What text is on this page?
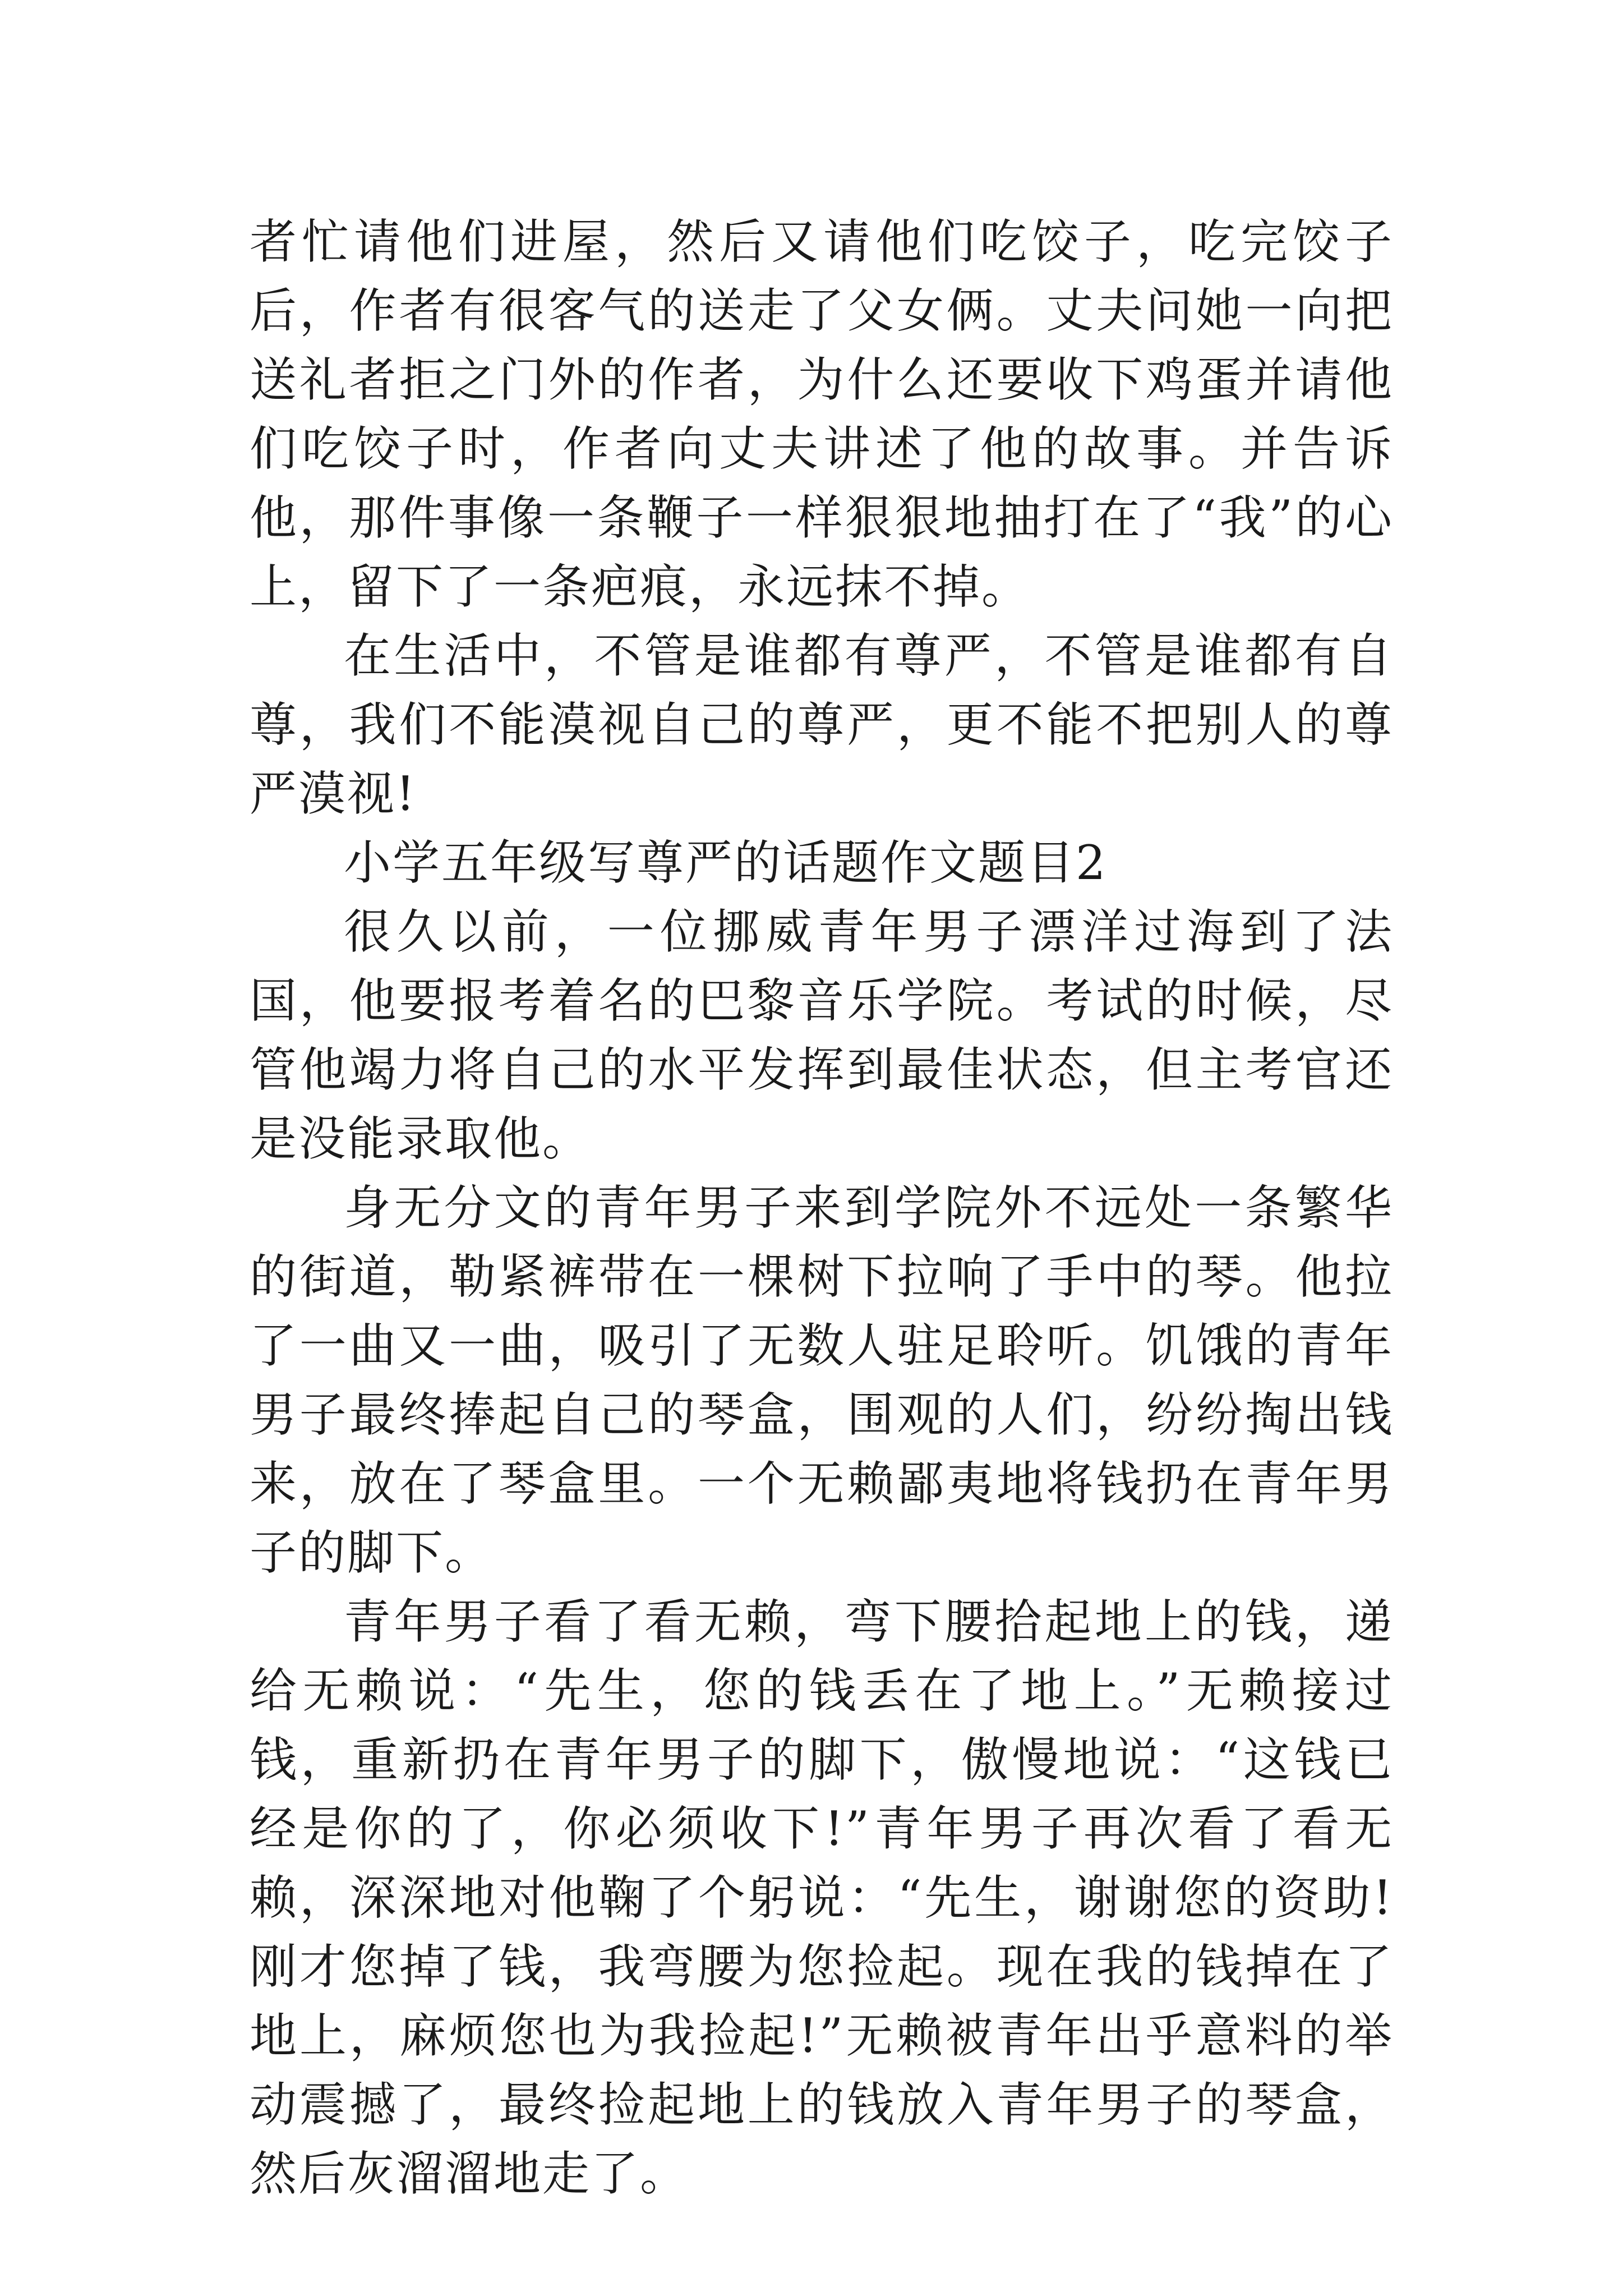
者忙请他们进屋，然后又请他们吃饺子，吃完饺子后，作者有很客气的送走了父女俩。丈夫问她一向把送礼者拒之门外的作者，为什么还要收下鸡蛋并请他们吃饺子时，作者向丈夫讲述了他的故事。并告诉他，那件事像一条鞭子一样狠狠地抽打在了“我”的心上，留下了一条疤痕，永远抹不掉。

在生活中，不管是谁都有尊严，不管是谁都有自尊，我们不能漠视自己的尊严，更不能不把别人的尊严漠视!

小学五年级写尊严的话题作文题目2

很久以前，一位挪威青年男子漂洋过海到了法国，他要报考着名的巴黎音乐学院。考试的时候，尽管他竭力将自己的水平发挥到最佳状态，但主考官还是没能录取他。

身无分文的青年男子来到学院外不远处一条繁华的街道，勒紧裤带在一棵树下拉响了手中的琴。他拉了一曲又一曲，吸引了无数人驻足聆听。饥饿的青年男子最终捧起自己的琴盒，围观的人们，纷纷掏出钱来，放在了琴盒里。一个无赖鄙夷地将钱扔在青年男子的脚下。

青年男子看了看无赖，弯下腰拾起地上的钱，递给无赖说：“先生，您的钱丢在了地上。”无赖接过钱，重新扔在青年男子的脚下，傲慢地说：“这钱已经是你的了，你必须收下!”青年男子再次看了看无赖，深深地对他鞠了个躬说：“先生，谢谢您的资助!刚才您掉了钱，我弯腰为您捡起。现在我的钱掉在了地上，麻烦您也为我捡起!”无赖被青年出乎意料的举动震撼了，最终捡起地上的钱放入青年男子的琴盒，然后灰溜溜地走了。
